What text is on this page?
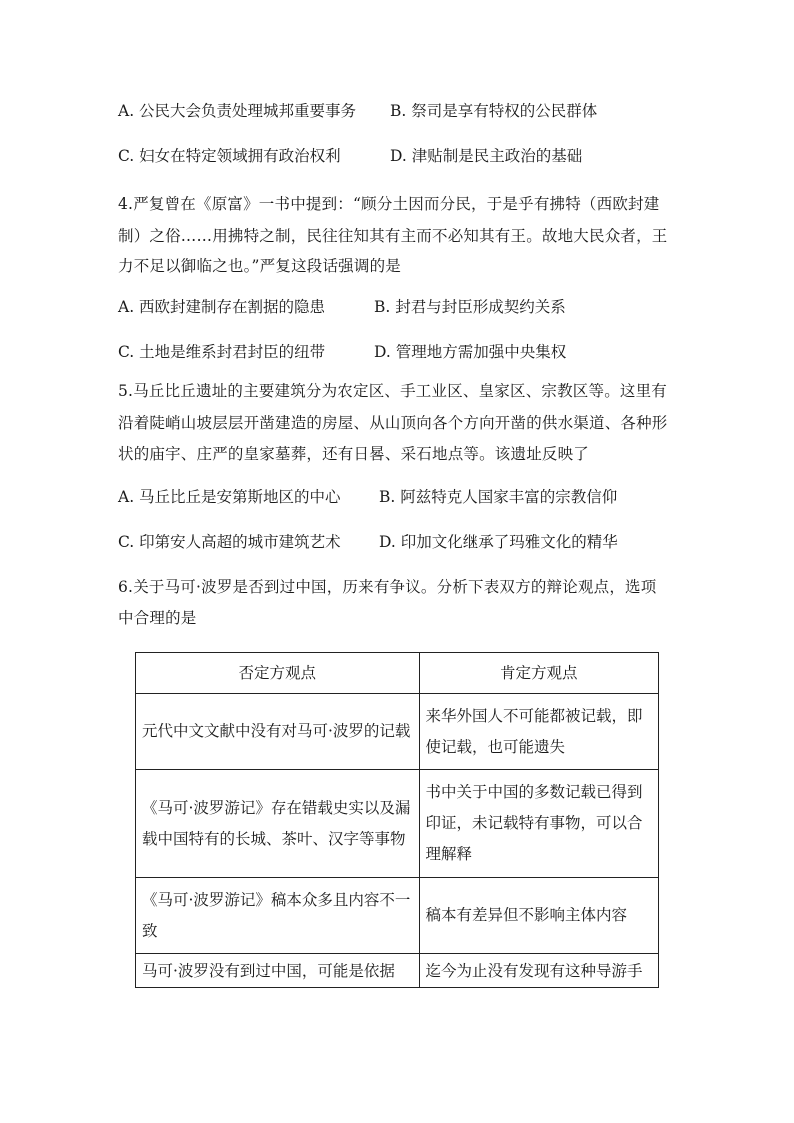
A. 公民大会负责处理城邦重要事务 B. 祭司是享有特权的公民群体
C. 妇女在特定领域拥有政治权利	D. 津贴制是民主政治的基础
4.严复曾在《原富》一书中提到：“顾分土因而分民，于是乎有拂特（西欧封建
制）之俗……用拂特之制，民往往知其有主而不必知其有王。故地大民众者，王
力不足以御临之也。”严复这段话强调的是
A. 西欧封建制存在割据的隐患	B. 封君与封臣形成契约关系
C. 土地是维系封君封臣的纽带	D. 管理地方需加强中央集权
5.马丘比丘遗址的主要建筑分为农定区、手工业区、皇家区、宗教区等。这里有
沿着陡峭山坡层层开凿建造的房屋、从山顶向各个方向开凿的供水渠道、各种形
状的庙宇、庄严的皇家墓葬，还有日晷、采石地点等。该遗址反映了
A. 马丘比丘是安第斯地区的中心 B. 阿兹特克人国家丰富的宗教信仰
C. 印第安人高超的城市建筑艺术 D. 印加文化继承了玛雅文化的精华
6.关于马可·波罗是否到过中国，历来有争议。分析下表双方的辩论观点，选项
中合理的是
否定方观点	肯定方观点
元代中文文献中没有对马可·波罗的记载	来华外国人不可能都被记载，即使记载，也可能遗失
《马可·波罗游记》存在错载史实以及漏载中国特有的长城、茶叶、汉字等事物	书中关于中国的多数记载已得到印证，未记载特有事物，可以合理解释
《马可·波罗游记》稿本众多且内容不一致	稿本有差异但不影响主体内容
马可·波罗没有到过中国，可能是依据	迄今为止没有发现有这种导游手
